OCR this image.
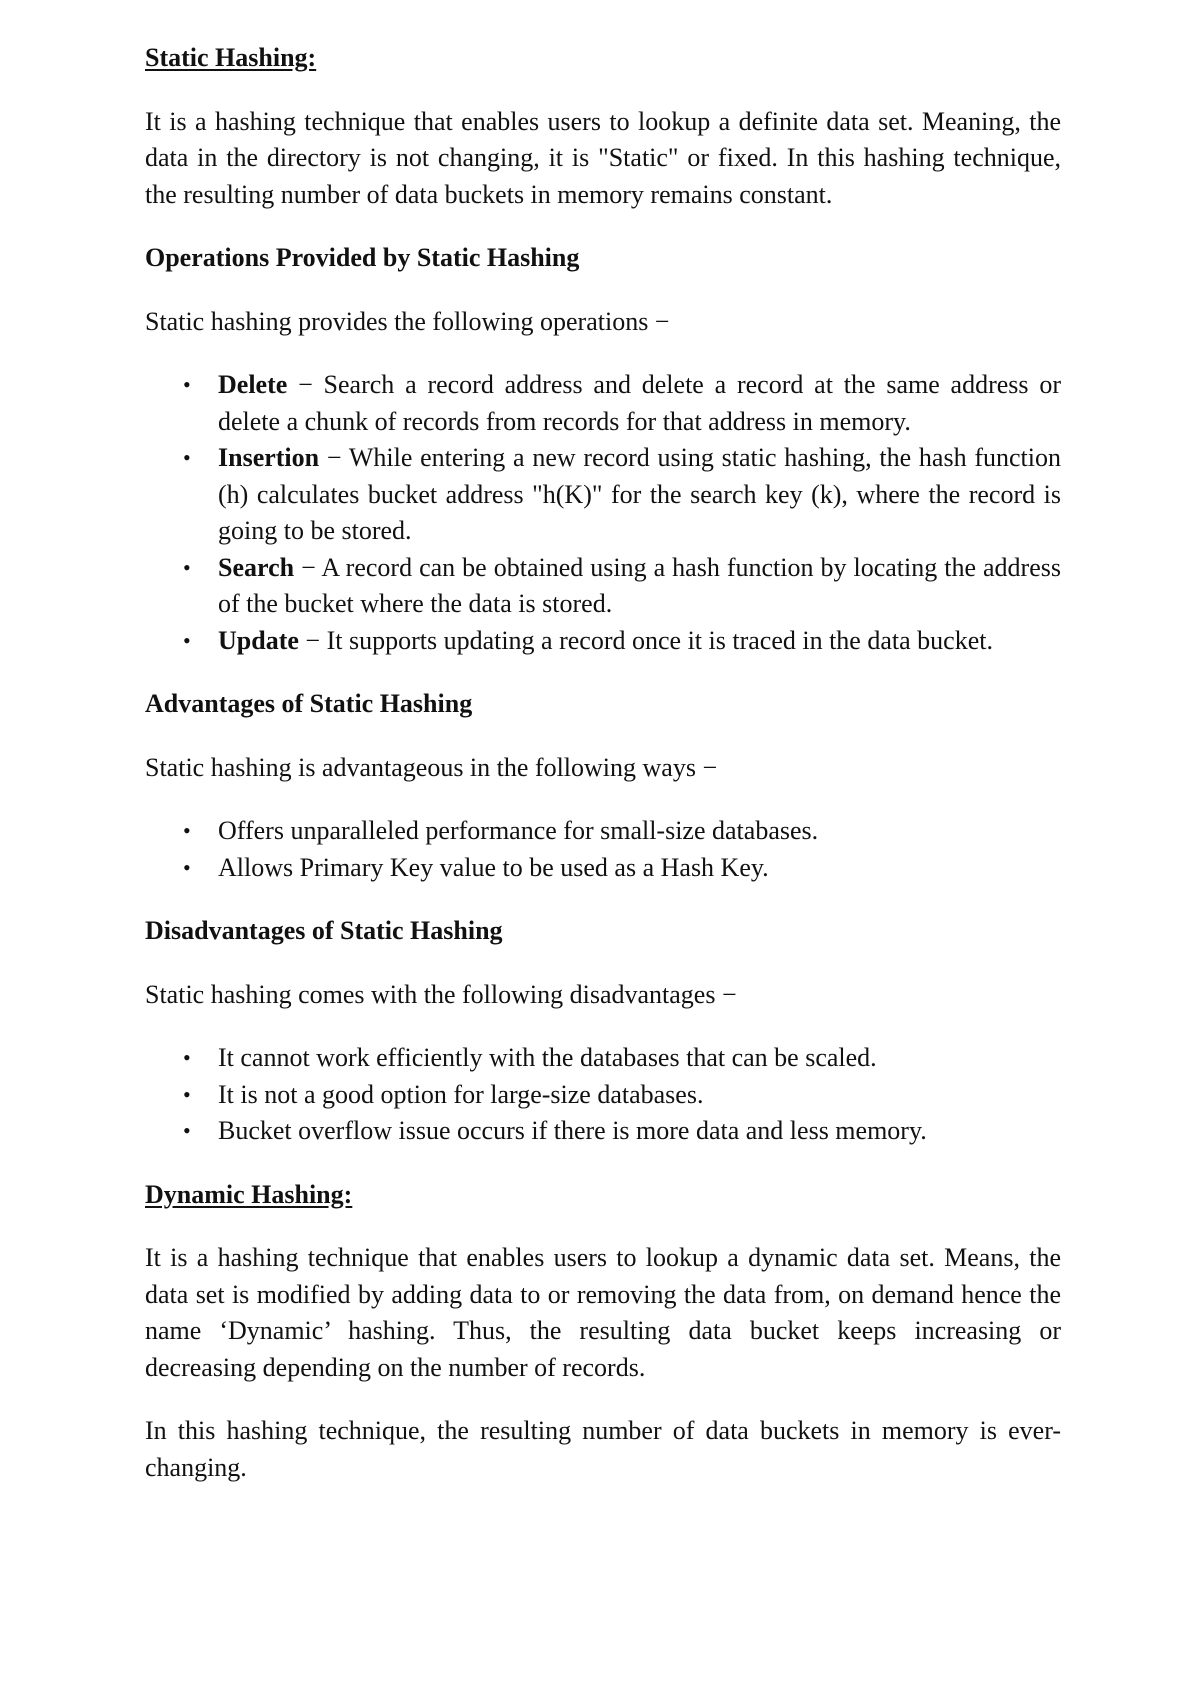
Static Hashing:

It is a hashing technique that enables users to lookup a definite data set. Meaning, the data in the directory is not changing, it is "Static" or fixed. In this hashing technique, the resulting number of data buckets in memory remains constant.

Operations Provided by Static Hashing

Static hashing provides the following operations −

• Delete − Search a record address and delete a record at the same address or delete a chunk of records from records for that address in memory.
• Insertion − While entering a new record using static hashing, the hash function (h) calculates bucket address "h(K)" for the search key (k), where the record is going to be stored.
• Search − A record can be obtained using a hash function by locating the address of the bucket where the data is stored.
• Update − It supports updating a record once it is traced in the data bucket.
Advantages of Static Hashing

Static hashing is advantageous in the following ways −

• Offers unparalleled performance for small-size databases.
• Allows Primary Key value to be used as a Hash Key.
Disadvantages of Static Hashing

Static hashing comes with the following disadvantages −

• It cannot work efficiently with the databases that can be scaled.
• It is not a good option for large-size databases.
• Bucket overflow issue occurs if there is more data and less memory.
Dynamic Hashing:

It is a hashing technique that enables users to lookup a dynamic data set. Means, the data set is modified by adding data to or removing the data from, on demand hence the name ‘Dynamic’ hashing. Thus, the resulting data bucket keeps increasing or decreasing depending on the number of records.

In this hashing technique, the resulting number of data buckets in memory is ever-changing.
